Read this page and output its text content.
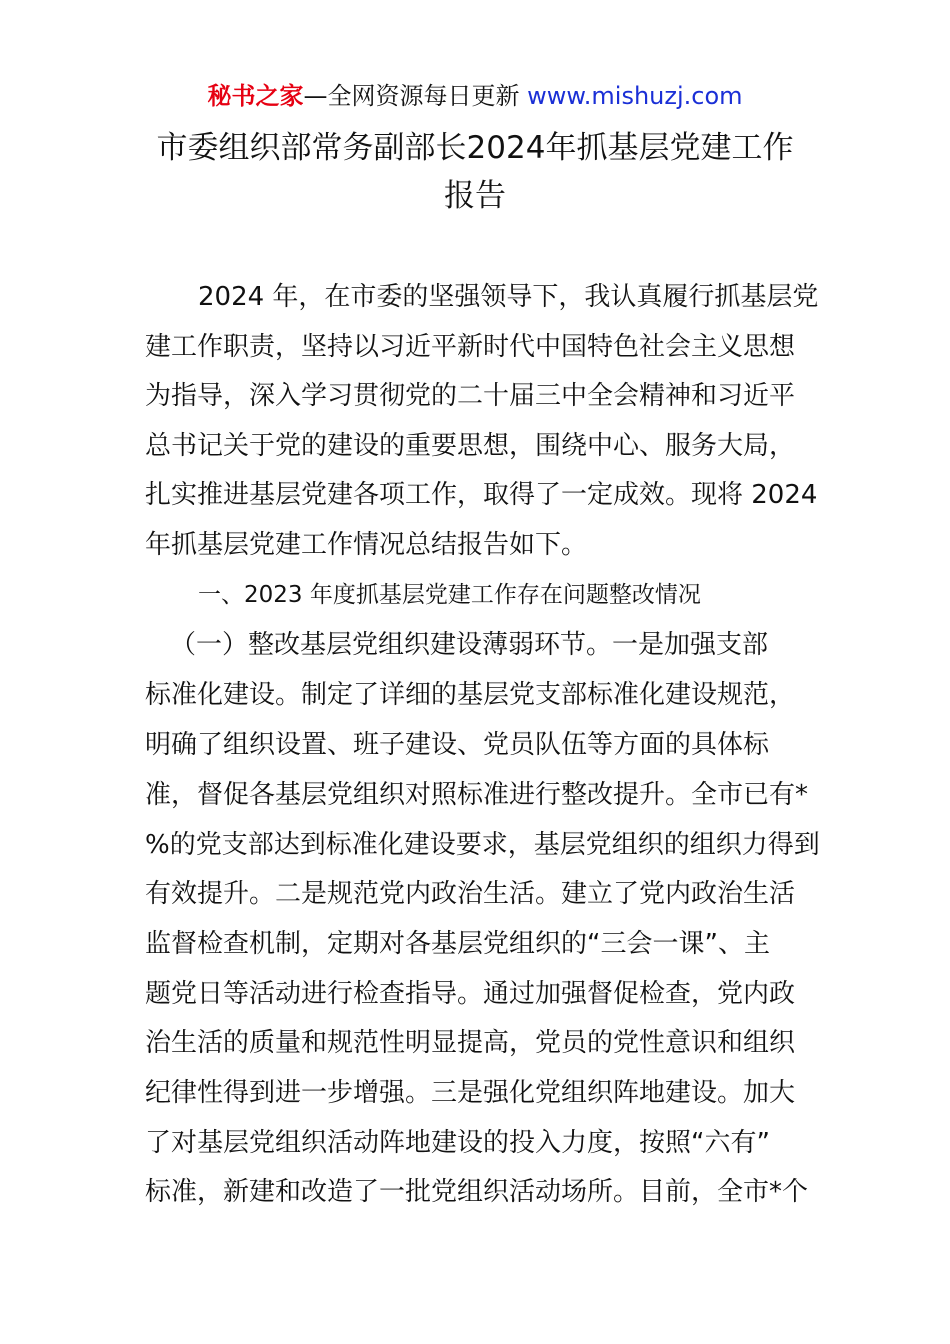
秘书之家—全网资源每日更新 www.mishuzj.com
市委组织部常务副部长2024年抓基层党建工作
报告
2024 年，在市委的坚强领导下，我认真履行抓基层党
建工作职责，坚持以习近平新时代中国特色社会主义思想
为指导，深入学习贯彻党的二十届三中全会精神和习近平
总书记关于党的建设的重要思想，围绕中心、服务大局，
扎实推进基层党建各项工作，取得了一定成效。现将 2024
年抓基层党建工作情况总结报告如下。
一、2023 年度抓基层党建工作存在问题整改情况
（一）整改基层党组织建设薄弱环节。一是加强支部
标准化建设。制定了详细的基层党支部标准化建设规范，
明确了组织设置、班子建设、党员队伍等方面的具体标
准，督促各基层党组织对照标准进行整改提升。全市已有*
%的党支部达到标准化建设要求，基层党组织的组织力得到
有效提升。二是规范党内政治生活。建立了党内政治生活
监督检查机制，定期对各基层党组织的“三会一课”、主
题党日等活动进行检查指导。通过加强督促检查，党内政
治生活的质量和规范性明显提高，党员的党性意识和组织
纪律性得到进一步增强。三是强化党组织阵地建设。加大
了对基层党组织活动阵地建设的投入力度，按照“六有”
标准，新建和改造了一批党组织活动场所。目前，全市*个
